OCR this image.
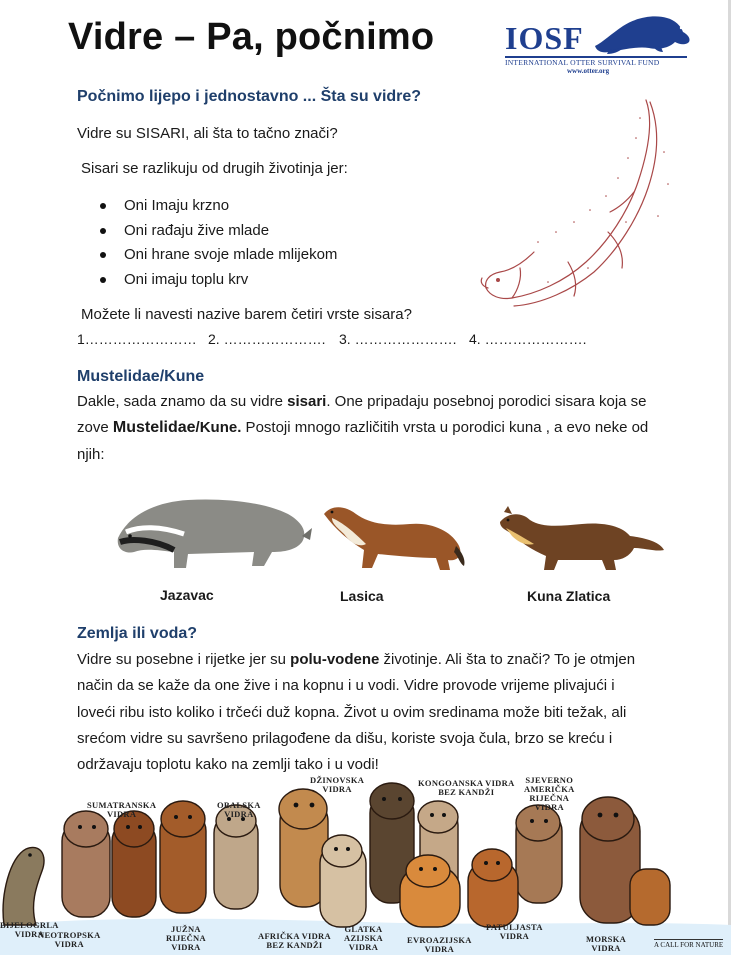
Vidre – Pa, počnimo IOSF
INTERNATIONAL OTTER SURVIVAL FUND
www.otter.org
Počnimo lijepo i jednostavno ... Šta su vidre?
Vidre su SISARI, ali šta to tačno znači?
Sisari se razlikuju od drugih životinja jer:
Oni Imaju krzno
Oni rađaju žive mlade
Oni hrane svoje mlade mlijekom
Oni imaju toplu krv
Možete li navesti nazive barem četiri vrste sisara?
1…………………… 2. …………………. 3. …………………. 4. ………………….
Mustelidae/Kune
Dakle, sada znamo da su vidre sisari. One pripadaju posebnoj porodici sisara koja se zove Mustelidae/Kune. Postoji mnogo različitih vrsta u porodici kuna , a evo neke od njih:
Jazavac	Lasica	Kuna Zlatica
Zemlja ili voda?
Vidre su posebne i rijetke jer su polu-vodene životinje. Ali šta to znači? To je otmjen način da se kaže da one žive i na kopnu i u vodi. Vidre provode vrijeme plivajući i loveći ribu isto koliko i trčeći duž kopna. Život u ovim sredinama može biti težak, ali srećom vidre su savršeno prilagođene da dišu, koriste svoja čula, brzo se kreću i održavaju toplotu kako na zemlji tako i u vodi!
SUMATRANSKA
VIDRA
OBALSKA
VIDRA
DŽINOVSKA
VIDRA
KONGOANSKA VIDRA
BEZ KANDŽI
SJEVERNO
AMERIČKA
RIJEČNA
VIDRA
BIJELOGRLA
VIDRA
NEOTROPSKA
VIDRA
JUŽNA
RIJEČNA
VIDRA
AFRIČKA VIDRA
BEZ KANDŽI
GLATKA
AZIJSKA
VIDRA
EVROAZIJSKA
VIDRA
PATULJASTA
VIDRA	MORSKA
VIDRA	A CALL FOR NATURE
